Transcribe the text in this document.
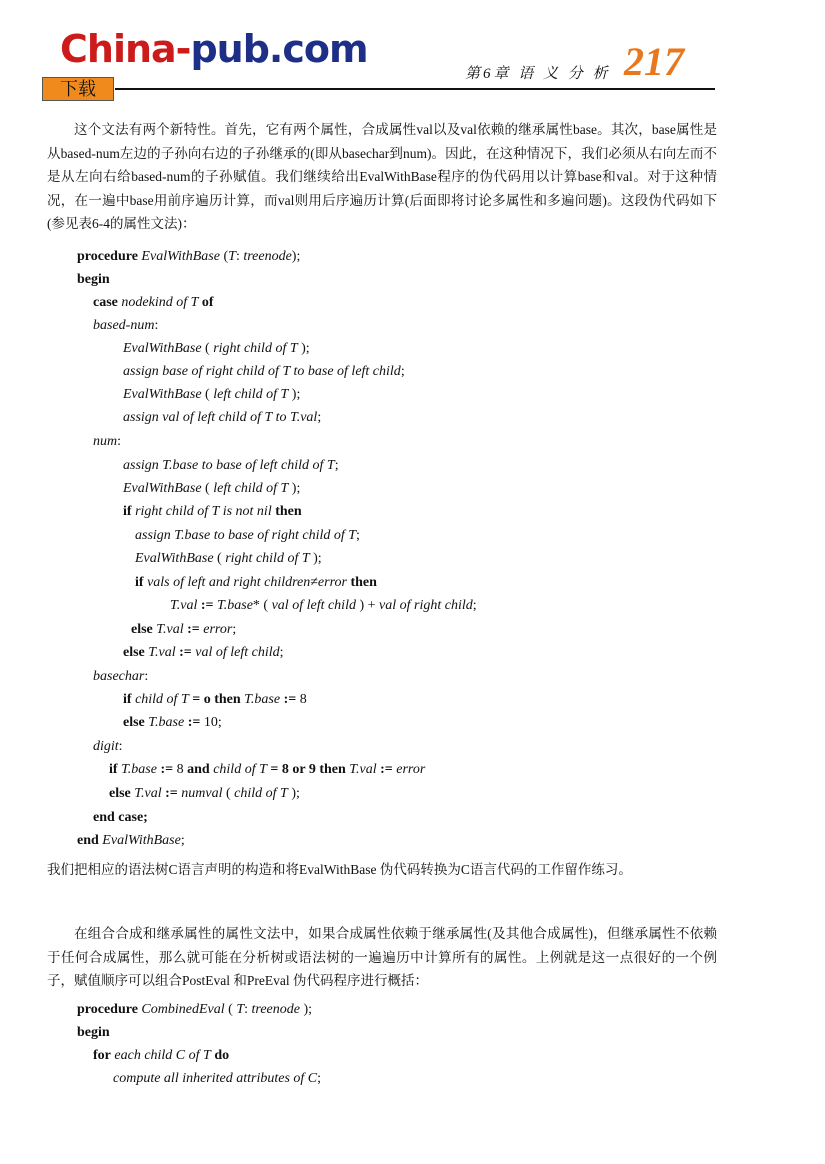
China-pub.com
下载
第6章 语 义 分 析 217

这个文法有两个新特性。首先，它有两个属性，合成属性val以及val依赖的继承属性base。其次，base属性是从based-num左边的子孙向右边的子孙继承的(即从basechar到num)。因此，在这种情况下，我们必须从右向左而不是从左向右给based-num的子孙赋值。我们继续给出EvalWithBase程序的伪代码用以计算base和val。对于这种情况，在一遍中base用前序遍历计算，而val则用后序遍历计算(后面即将讨论多属性和多遍问题)。这段伪代码如下(参见表6-4的属性文法)：

procedure EvalWithBase (T: treenode);
begin
case nodekind of T of
based-num:
EvalWithBase ( right child of T );
assign base of right child of T to base of left child;
EvalWithBase ( left child of T );
assign val of left child of T to T.val;
num:
assign T.base to base of left child of T;
EvalWithBase ( left child of T );
if right child of T is not nil then
assign T.base to base of right child of T;
EvalWithBase ( right child of T );
if vals of left and right children≠error then
T.val := T.base* ( val of left child ) + val of right child;
else T.val := error;
else T.val := val of left child;
basechar:
if child of T = o then T.base := 8
else T.base := 10;
digit:
if T.base := 8 and child of T = 8 or 9 then T.val := error
else T.val := numval ( child of T );
end case;
end EvalWithBase;

我们把相应的语法树C语言声明的构造和将EvalWithBase 伪代码转换为C语言代码的工作留作练习。

在组合合成和继承属性的属性文法中，如果合成属性依赖于继承属性(及其他合成属性)，但继承属性不依赖于任何合成属性，那么就可能在分析树或语法树的一遍遍历中计算所有的属性。上例就是这一点很好的一个例子，赋值顺序可以组合PostEval 和PreEval 伪代码程序进行概括：

procedure CombinedEval ( T: treenode );
begin
for each child C of T do
compute all inherited attributes of C;
